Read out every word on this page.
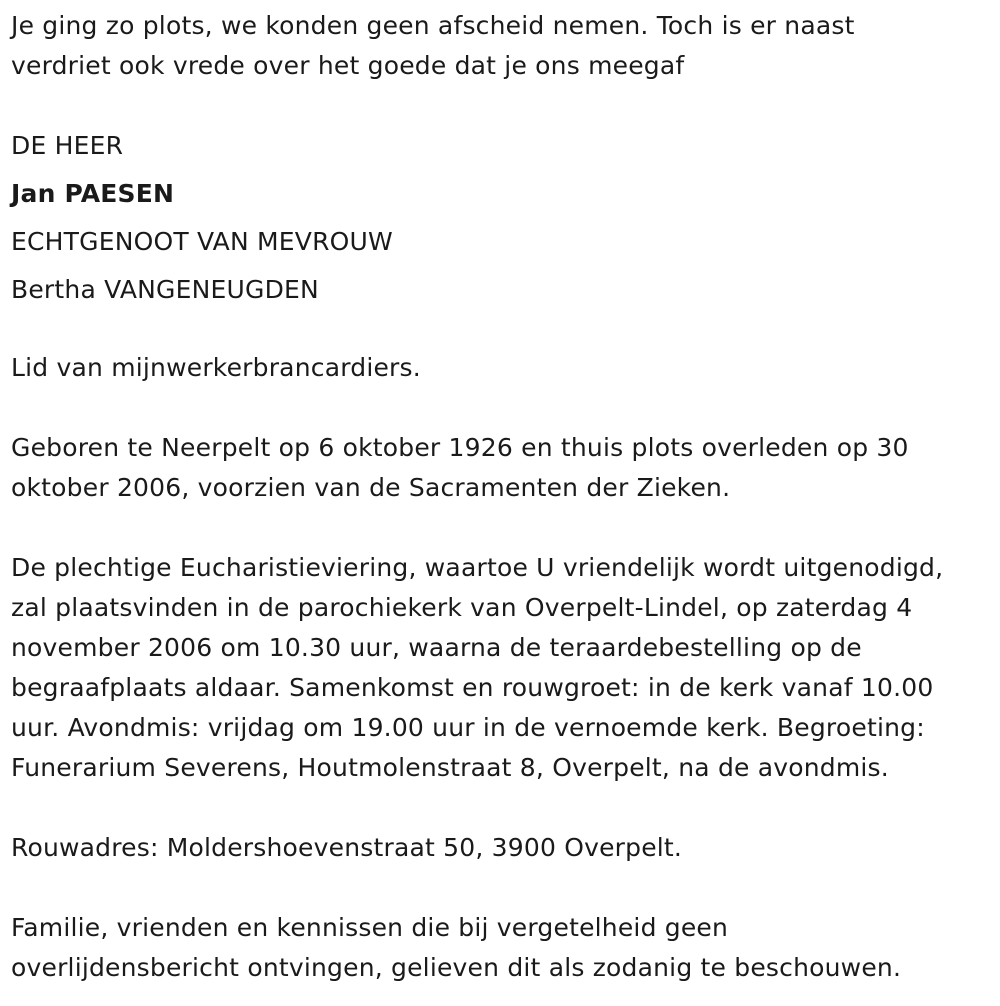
Je ging zo plots, we konden geen afscheid nemen. Toch is er naast

verdriet ook vrede over het goede dat je ons meegaf

DE HEER

Jan PAESEN

ECHTGENOOT VAN MEVROUW

Bertha VANGENEUGDEN

Lid van mijnwerkerbrancardiers.

Geboren te Neerpelt op 6 oktober 1926 en thuis plots overleden op 30

oktober 2006, voorzien van de Sacramenten der Zieken.

De plechtige Eucharistieviering, waartoe U vriendelijk wordt uitgenodigd,

zal plaatsvinden in de parochiekerk van Overpelt-Lindel, op zaterdag 4

november 2006 om 10.30 uur, waarna de teraardebestelling op de

begraafplaats aldaar. Samenkomst en rouwgroet: in de kerk vanaf 10.00

uur. Avondmis: vrijdag om 19.00 uur in de vernoemde kerk. Begroeting:

Funerarium Severens, Houtmolenstraat 8, Overpelt, na de avondmis.

Rouwadres: Moldershoevenstraat 50, 3900 Overpelt.

Familie, vrienden en kennissen die bij vergetelheid geen

overlijdensbericht ontvingen, gelieven dit als zodanig te beschouwen.
